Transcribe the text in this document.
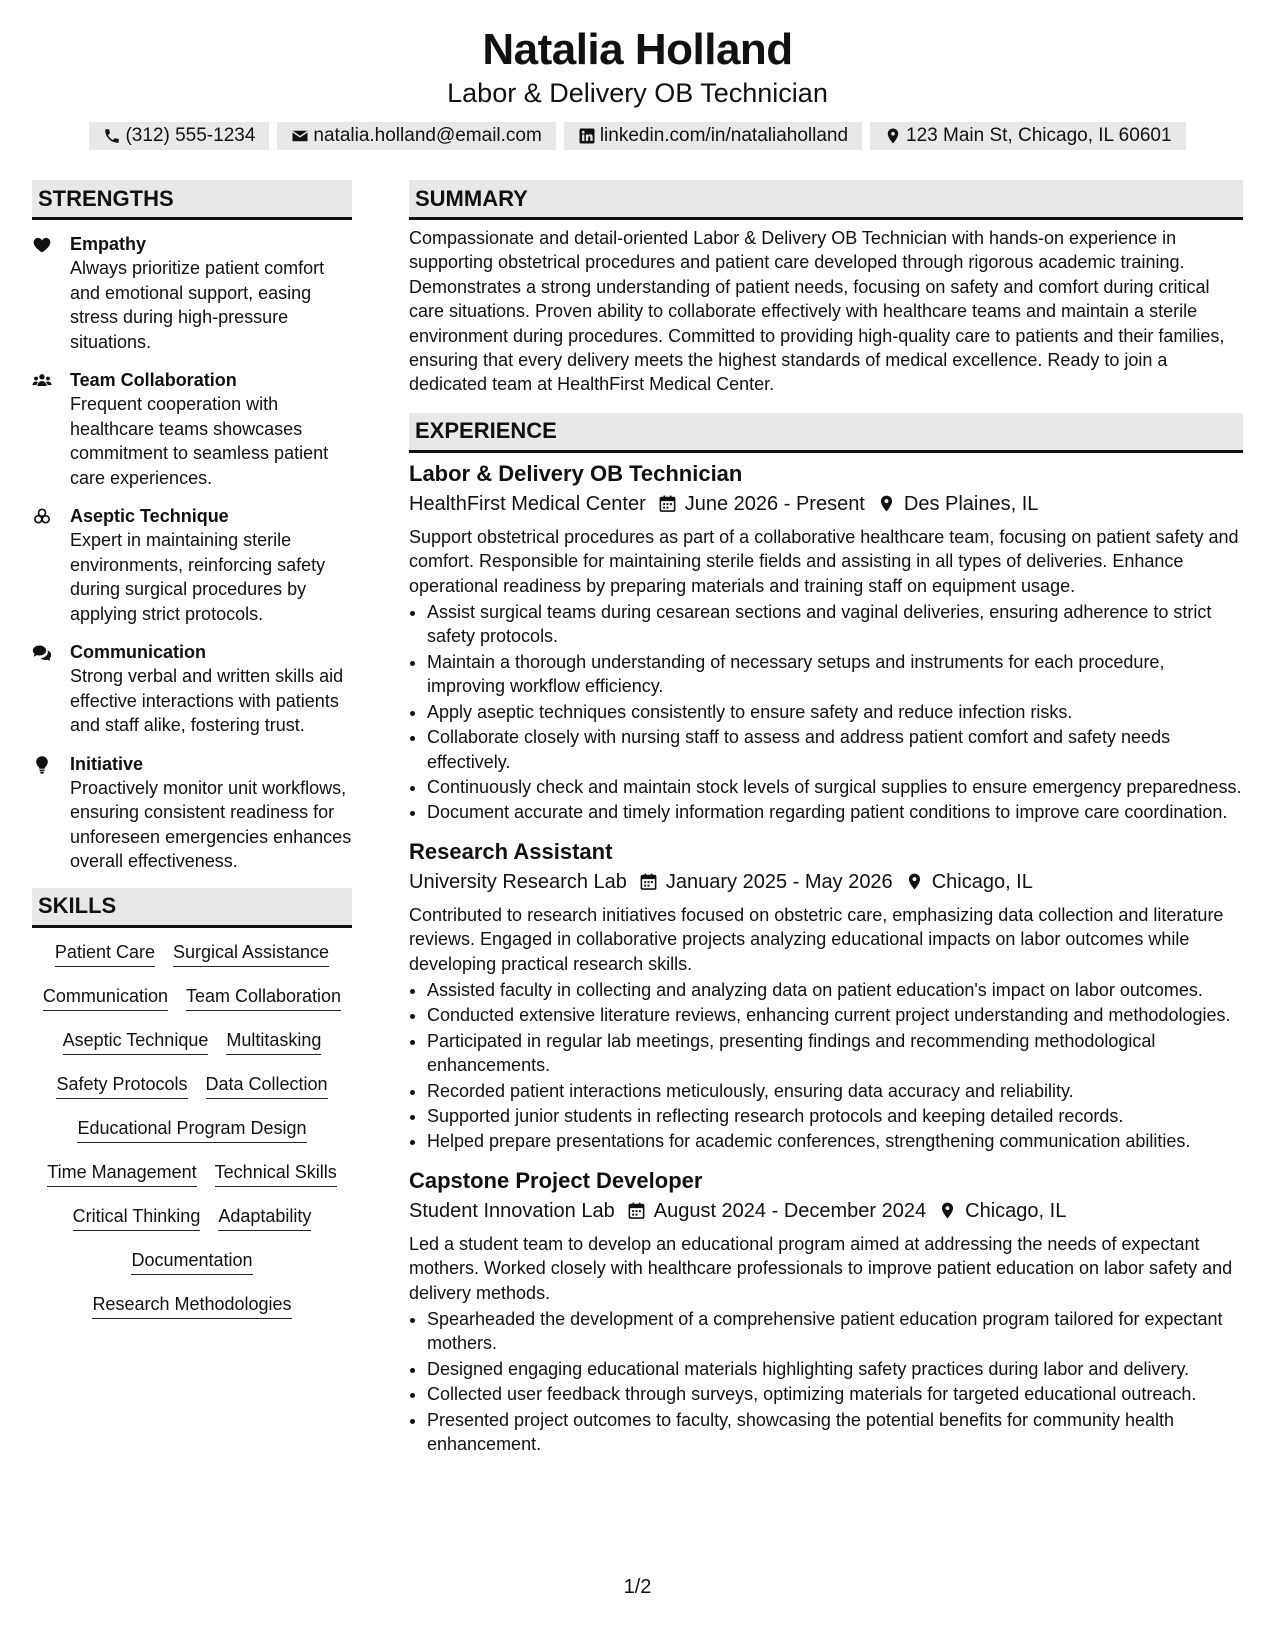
Natalia Holland
Labor & Delivery OB Technician
(312) 555-1234	natalia.holland@email.com	linkedin.com/in/nataliaholland	123 Main St, Chicago, IL 60601
STRENGTHS
Empathy
Always prioritize patient comfort and emotional support, easing stress during high-pressure situations.
Team Collaboration
Frequent cooperation with healthcare teams showcases commitment to seamless patient care experiences.
Aseptic Technique
Expert in maintaining sterile environments, reinforcing safety during surgical procedures by applying strict protocols.
Communication
Strong verbal and written skills aid effective interactions with patients and staff alike, fostering trust.
Initiative
Proactively monitor unit workflows, ensuring consistent readiness for unforeseen emergencies enhances overall effectiveness.
SKILLS
Patient Care Surgical Assistance
Communication Team Collaboration
Aseptic Technique Multitasking
Safety Protocols Data Collection
Educational Program Design
Time Management Technical Skills
Critical Thinking Adaptability
Documentation
Research Methodologies
SUMMARY
Compassionate and detail-oriented Labor & Delivery OB Technician with hands-on experience in supporting obstetrical procedures and patient care developed through rigorous academic training. Demonstrates a strong understanding of patient needs, focusing on safety and comfort during critical care situations. Proven ability to collaborate effectively with healthcare teams and maintain a sterile environment during procedures. Committed to providing high-quality care to patients and their families, ensuring that every delivery meets the highest standards of medical excellence. Ready to join a dedicated team at HealthFirst Medical Center.
EXPERIENCE
Labor & Delivery OB Technician
HealthFirst Medical Center June 2026 - Present Des Plaines, IL
Support obstetrical procedures as part of a collaborative healthcare team, focusing on patient safety and comfort. Responsible for maintaining sterile fields and assisting in all types of deliveries. Enhance operational readiness by preparing materials and training staff on equipment usage.
• Assist surgical teams during cesarean sections and vaginal deliveries, ensuring adherence to strict safety protocols.
• Maintain a thorough understanding of necessary setups and instruments for each procedure, improving workflow efficiency.
• Apply aseptic techniques consistently to ensure safety and reduce infection risks.
• Collaborate closely with nursing staff to assess and address patient comfort and safety needs effectively.
• Continuously check and maintain stock levels of surgical supplies to ensure emergency preparedness.
• Document accurate and timely information regarding patient conditions to improve care coordination.
Research Assistant
University Research Lab January 2025 - May 2026 Chicago, IL
Contributed to research initiatives focused on obstetric care, emphasizing data collection and literature reviews. Engaged in collaborative projects analyzing educational impacts on labor outcomes while developing practical research skills.
• Assisted faculty in collecting and analyzing data on patient education's impact on labor outcomes.
• Conducted extensive literature reviews, enhancing current project understanding and methodologies.
• Participated in regular lab meetings, presenting findings and recommending methodological enhancements.
• Recorded patient interactions meticulously, ensuring data accuracy and reliability.
• Supported junior students in reflecting research protocols and keeping detailed records.
• Helped prepare presentations for academic conferences, strengthening communication abilities.
Capstone Project Developer
Student Innovation Lab August 2024 - December 2024 Chicago, IL
Led a student team to develop an educational program aimed at addressing the needs of expectant mothers. Worked closely with healthcare professionals to improve patient education on labor safety and delivery methods.
• Spearheaded the development of a comprehensive patient education program tailored for expectant mothers.
• Designed engaging educational materials highlighting safety practices during labor and delivery.
• Collected user feedback through surveys, optimizing materials for targeted educational outreach.
• Presented project outcomes to faculty, showcasing the potential benefits for community health enhancement.
1/2
